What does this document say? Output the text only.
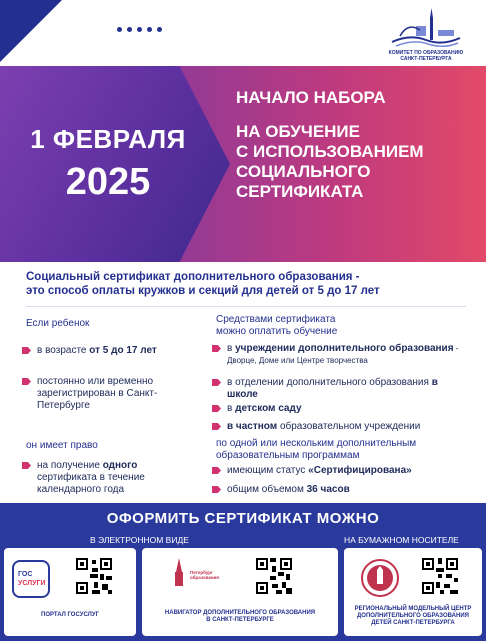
КОМИТЕТ ПО ОБРАЗОВАНИЮ
САНКТ-ПЕТЕРБУРГА
1 ФЕВРАЛЯ
2025
НАЧАЛО НАБОРА
НА ОБУЧЕНИЕ
С ИСПОЛЬЗОВАНИЕМ
СОЦИАЛЬНОГО
СЕРТИФИКАТА
Социальный сертификат дополнительного образования -
это способ оплаты кружков и секций для детей от 5 до 17 лет
Если ребенок
в возрасте от 5 до 17 лет
постоянно или временно зарегистрирован в Санкт-Петербурге
он имеет право
на получение одного сертификата в течение календарного года
Средствами сертификата
можно оплатить обучение
в учреждении дополнительного образования - Дворце, Доме или Центре творчества
в отделении дополнительного образования в школе
в детском саду
в частном образовательном учреждении
по одной или нескольким дополнительным
образовательным программам
имеющим статус «Сертифицирована»
общим объемом 36 часов
ОФОРМИТЬ СЕРТИФИКАТ МОЖНО
В ЭЛЕКТРОННОМ ВИДЕ	НА БУМАЖНОМ НОСИТЕЛЕ
ГОС
УСЛУГИ
ПОРТАЛ ГОСУСЛУГ
Петербург
образования
НАВИГАТОР ДОПОЛНИТЕЛЬНОГО ОБРАЗОВАНИЯ
В САНКТ-ПЕТЕРБУРГЕ
РЕГИОНАЛЬНЫЙ МОДЕЛЬНЫЙ ЦЕНТР
ДОПОЛНИТЕЛЬНОГО ОБРАЗОВАНИЯ
ДЕТЕЙ САНКТ-ПЕТЕРБУРГА
